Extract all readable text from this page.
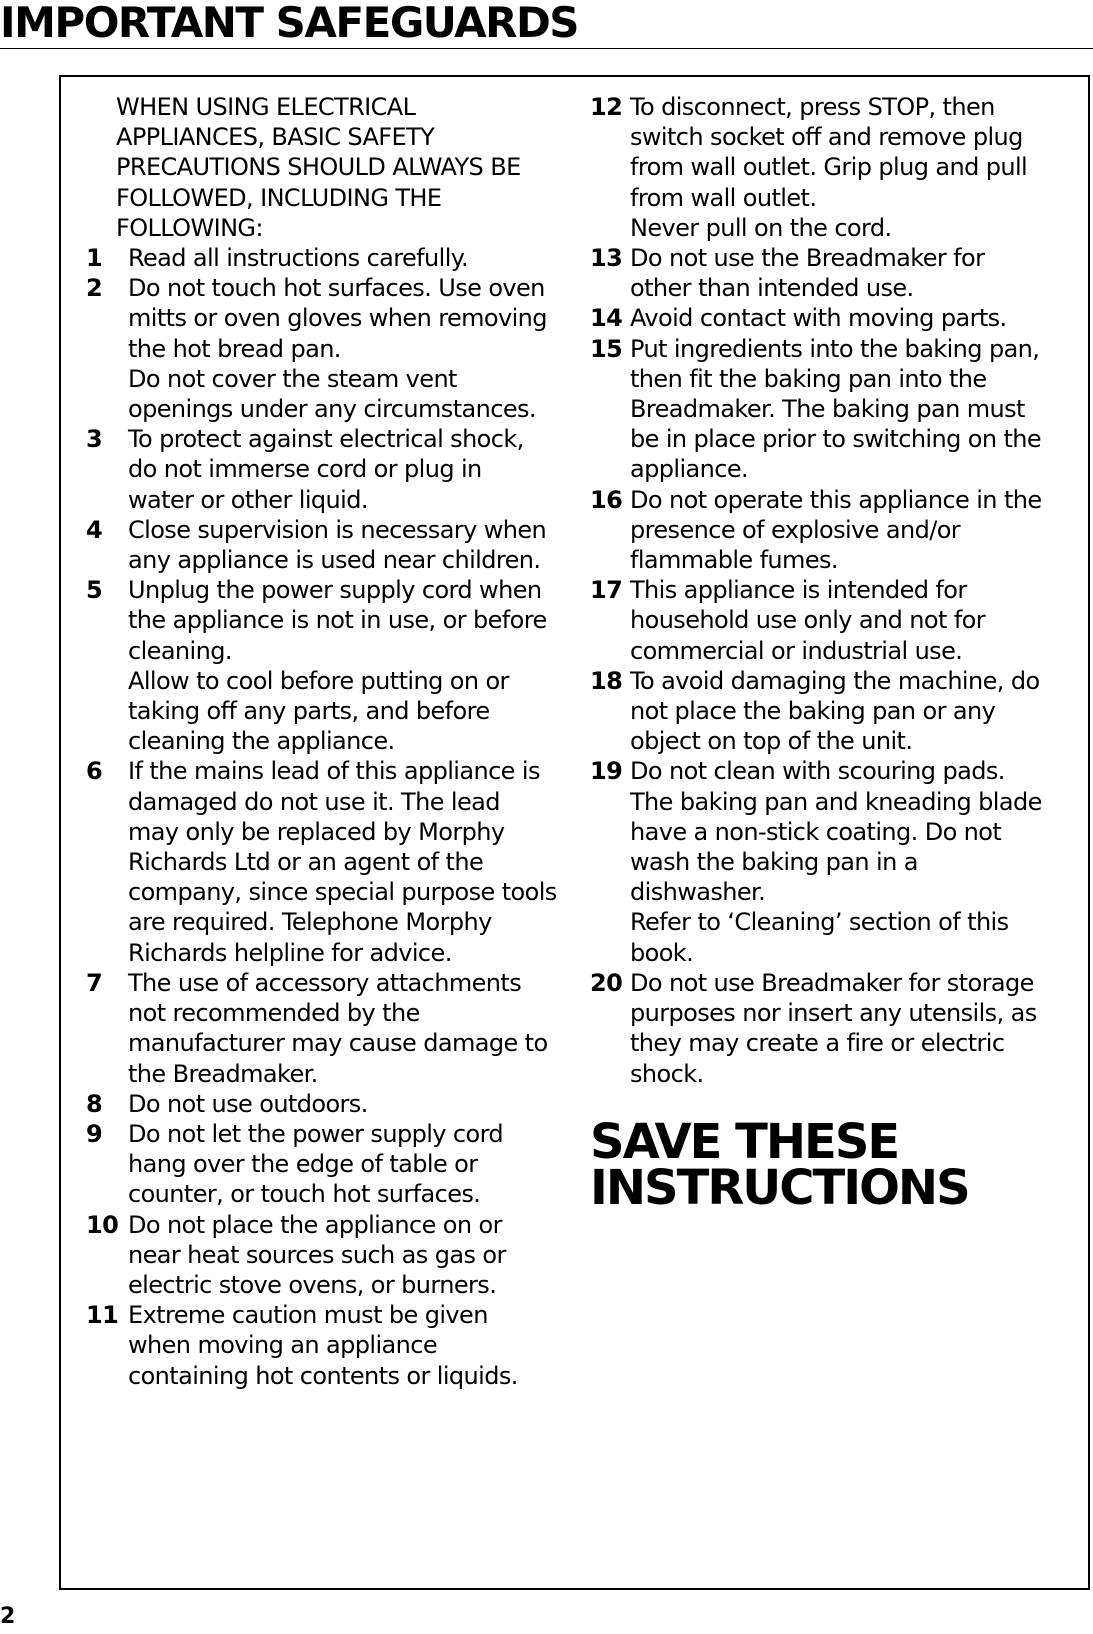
IMPORTANT SAFEGUARDS

WHEN USING ELECTRICAL
APPLIANCES, BASIC SAFETY
PRECAUTIONS SHOULD ALWAYS BE
FOLLOWED, INCLUDING THE
FOLLOWING:

1	Read all instructions carefully.
2	Do not touch hot surfaces. Use oven
mitts or oven gloves when removing
the hot bread pan.
Do not cover the steam vent
openings under any circumstances.
3	To protect against electrical shock,
do not immerse cord or plug in
water or other liquid.
4	Close supervision is necessary when
any appliance is used near children.
5	Unplug the power supply cord when
the appliance is not in use, or before
cleaning.
Allow to cool before putting on or
taking off any parts, and before
cleaning the appliance.
6	If the mains lead of this appliance is
damaged do not use it. The lead
may only be replaced by Morphy
Richards Ltd or an agent of the
company, since special purpose tools
are required. Telephone Morphy
Richards helpline for advice.
7	The use of accessory attachments
not recommended by the
manufacturer may cause damage to
the Breadmaker.
8	Do not use outdoors.
9	Do not let the power supply cord
hang over the edge of table or
counter, or touch hot surfaces.
10 Do not place the appliance on or
near heat sources such as gas or
electric stove ovens, or burners.
11 Extreme caution must be given
when moving an appliance
containing hot contents or liquids.
12 To disconnect, press STOP, then
switch socket off and remove plug
from wall outlet. Grip plug and pull
from wall outlet.
Never pull on the cord.
13 Do not use the Breadmaker for
other than intended use.
14 Avoid contact with moving parts.
15 Put ingredients into the baking pan,
then fit the baking pan into the
Breadmaker. The baking pan must
be in place prior to switching on the
appliance.
16 Do not operate this appliance in the
presence of explosive and/or
flammable fumes.
17 This appliance is intended for
household use only and not for
commercial or industrial use.
18 To avoid damaging the machine, do
not place the baking pan or any
object on top of the unit.
19 Do not clean with scouring pads.
The baking pan and kneading blade
have a non-stick coating. Do not
wash the baking pan in a
dishwasher.
Refer to ‘Cleaning’ section of this
book.
20 Do not use Breadmaker for storage
purposes nor insert any utensils, as
they may create a fire or electric
shock.
SAVE THESE
INSTRUCTIONS
2
